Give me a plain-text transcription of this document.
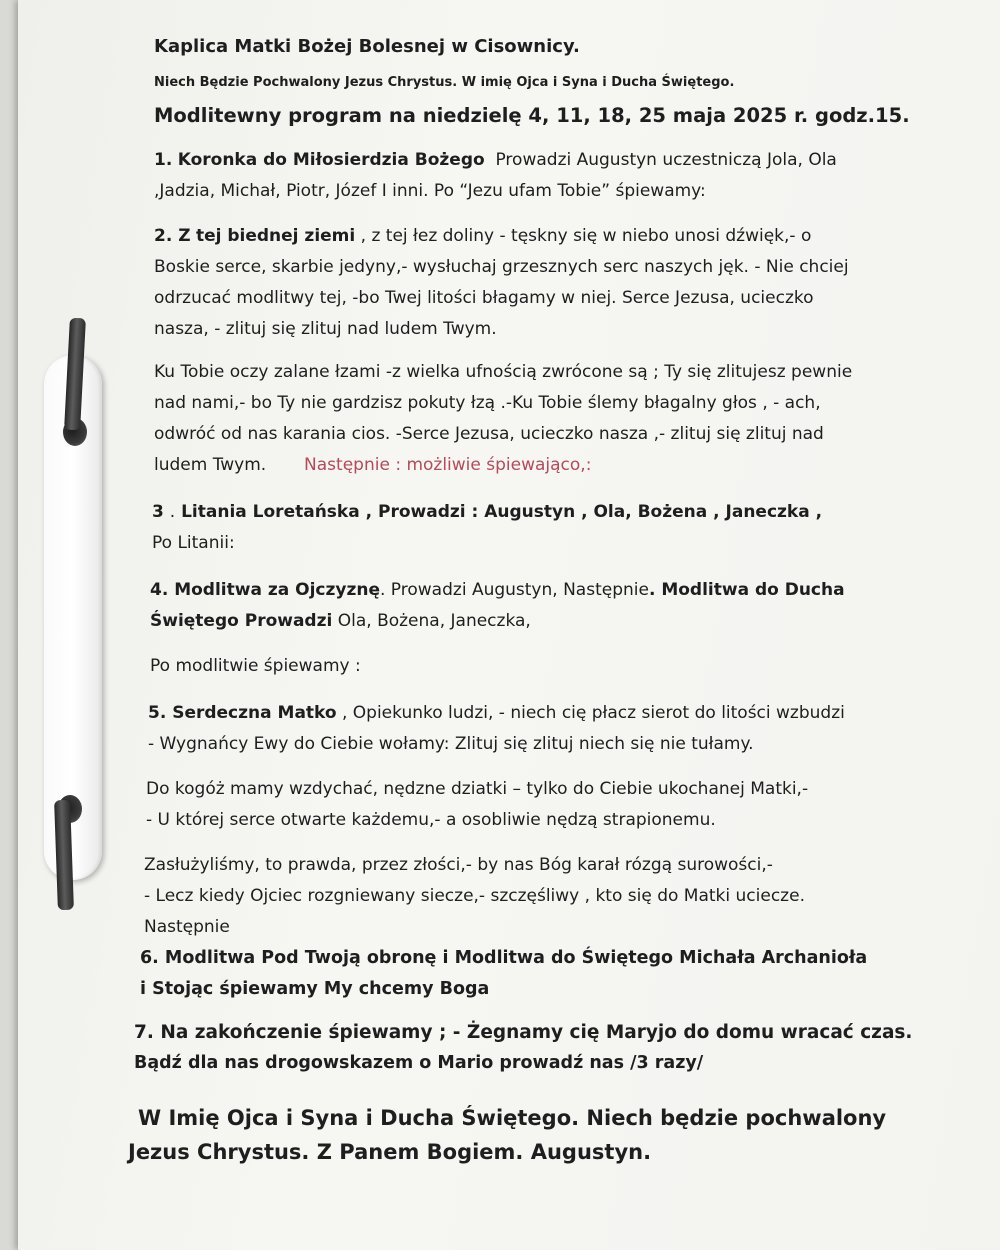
Kaplica Matki Bożej Bolesnej w Cisownicy.
Niech Będzie Pochwalony Jezus Chrystus. W imię Ojca i Syna i Ducha Świętego.
Modlitewny program na niedzielę 4, 11, 18, 25 maja 2025 r. godz.15.
1. Koronka do Miłosierdzia Bożego Prowadzi Augustyn uczestniczą Jola, Ola
,Jadzia, Michał, Piotr, Józef I inni. Po “Jezu ufam Tobie” śpiewamy:
2. Z tej biednej ziemi , z tej łez doliny - tęskny się w niebo unosi dźwięk,- o
Boskie serce, skarbie jedyny,- wysłuchaj grzesznych serc naszych jęk. - Nie chciej
odrzucać modlitwy tej, -bo Twej litości błagamy w niej. Serce Jezusa, ucieczko
nasza, - zlituj się zlituj nad ludem Twym.
Ku Tobie oczy zalane łzami -z wielka ufnością zwrócone są ; Ty się zlitujesz pewnie
nad nami,- bo Ty nie gardzisz pokuty łzą .-Ku Tobie ślemy błagalny głos , - ach,
odwróć od nas karania cios. -Serce Jezusa, ucieczko nasza ,- zlituj się zlituj nad
ludem Twym. Następnie : możliwie śpiewająco,:
3 . Litania Loretańska , Prowadzi : Augustyn , Ola, Bożena , Janeczka ,
Po Litanii:
4. Modlitwa za Ojczyznę. Prowadzi Augustyn, Następnie. Modlitwa do Ducha
Świętego Prowadzi Ola, Bożena, Janeczka,
Po modlitwie śpiewamy :
5. Serdeczna Matko , Opiekunko ludzi, - niech cię płacz sierot do litości wzbudzi
- Wygnańcy Ewy do Ciebie wołamy: Zlituj się zlituj niech się nie tułamy.
Do kogóż mamy wzdychać, nędzne dziatki – tylko do Ciebie ukochanej Matki,-
- U której serce otwarte każdemu,- a osobliwie nędzą strapionemu.
Zasłużyliśmy, to prawda, przez złości,- by nas Bóg karał rózgą surowości,-
- Lecz kiedy Ojciec rozgniewany siecze,- szczęśliwy , kto się do Matki ucieczе.
Następnie
6. Modlitwa Pod Twoją obronę i Modlitwa do Świętego Michała Archanioła
i Stojąc śpiewamy My chcemy Boga
7. Na zakończenie śpiewamy ; - Żegnamy cię Maryjo do domu wracać czas.
Bądź dla nas drogowskazem o Mario prowadź nas /3 razy/
W Imię Ojca i Syna i Ducha Świętego. Niech będzie pochwalony
Jezus Chrystus. Z Panem Bogiem. Augustyn.
